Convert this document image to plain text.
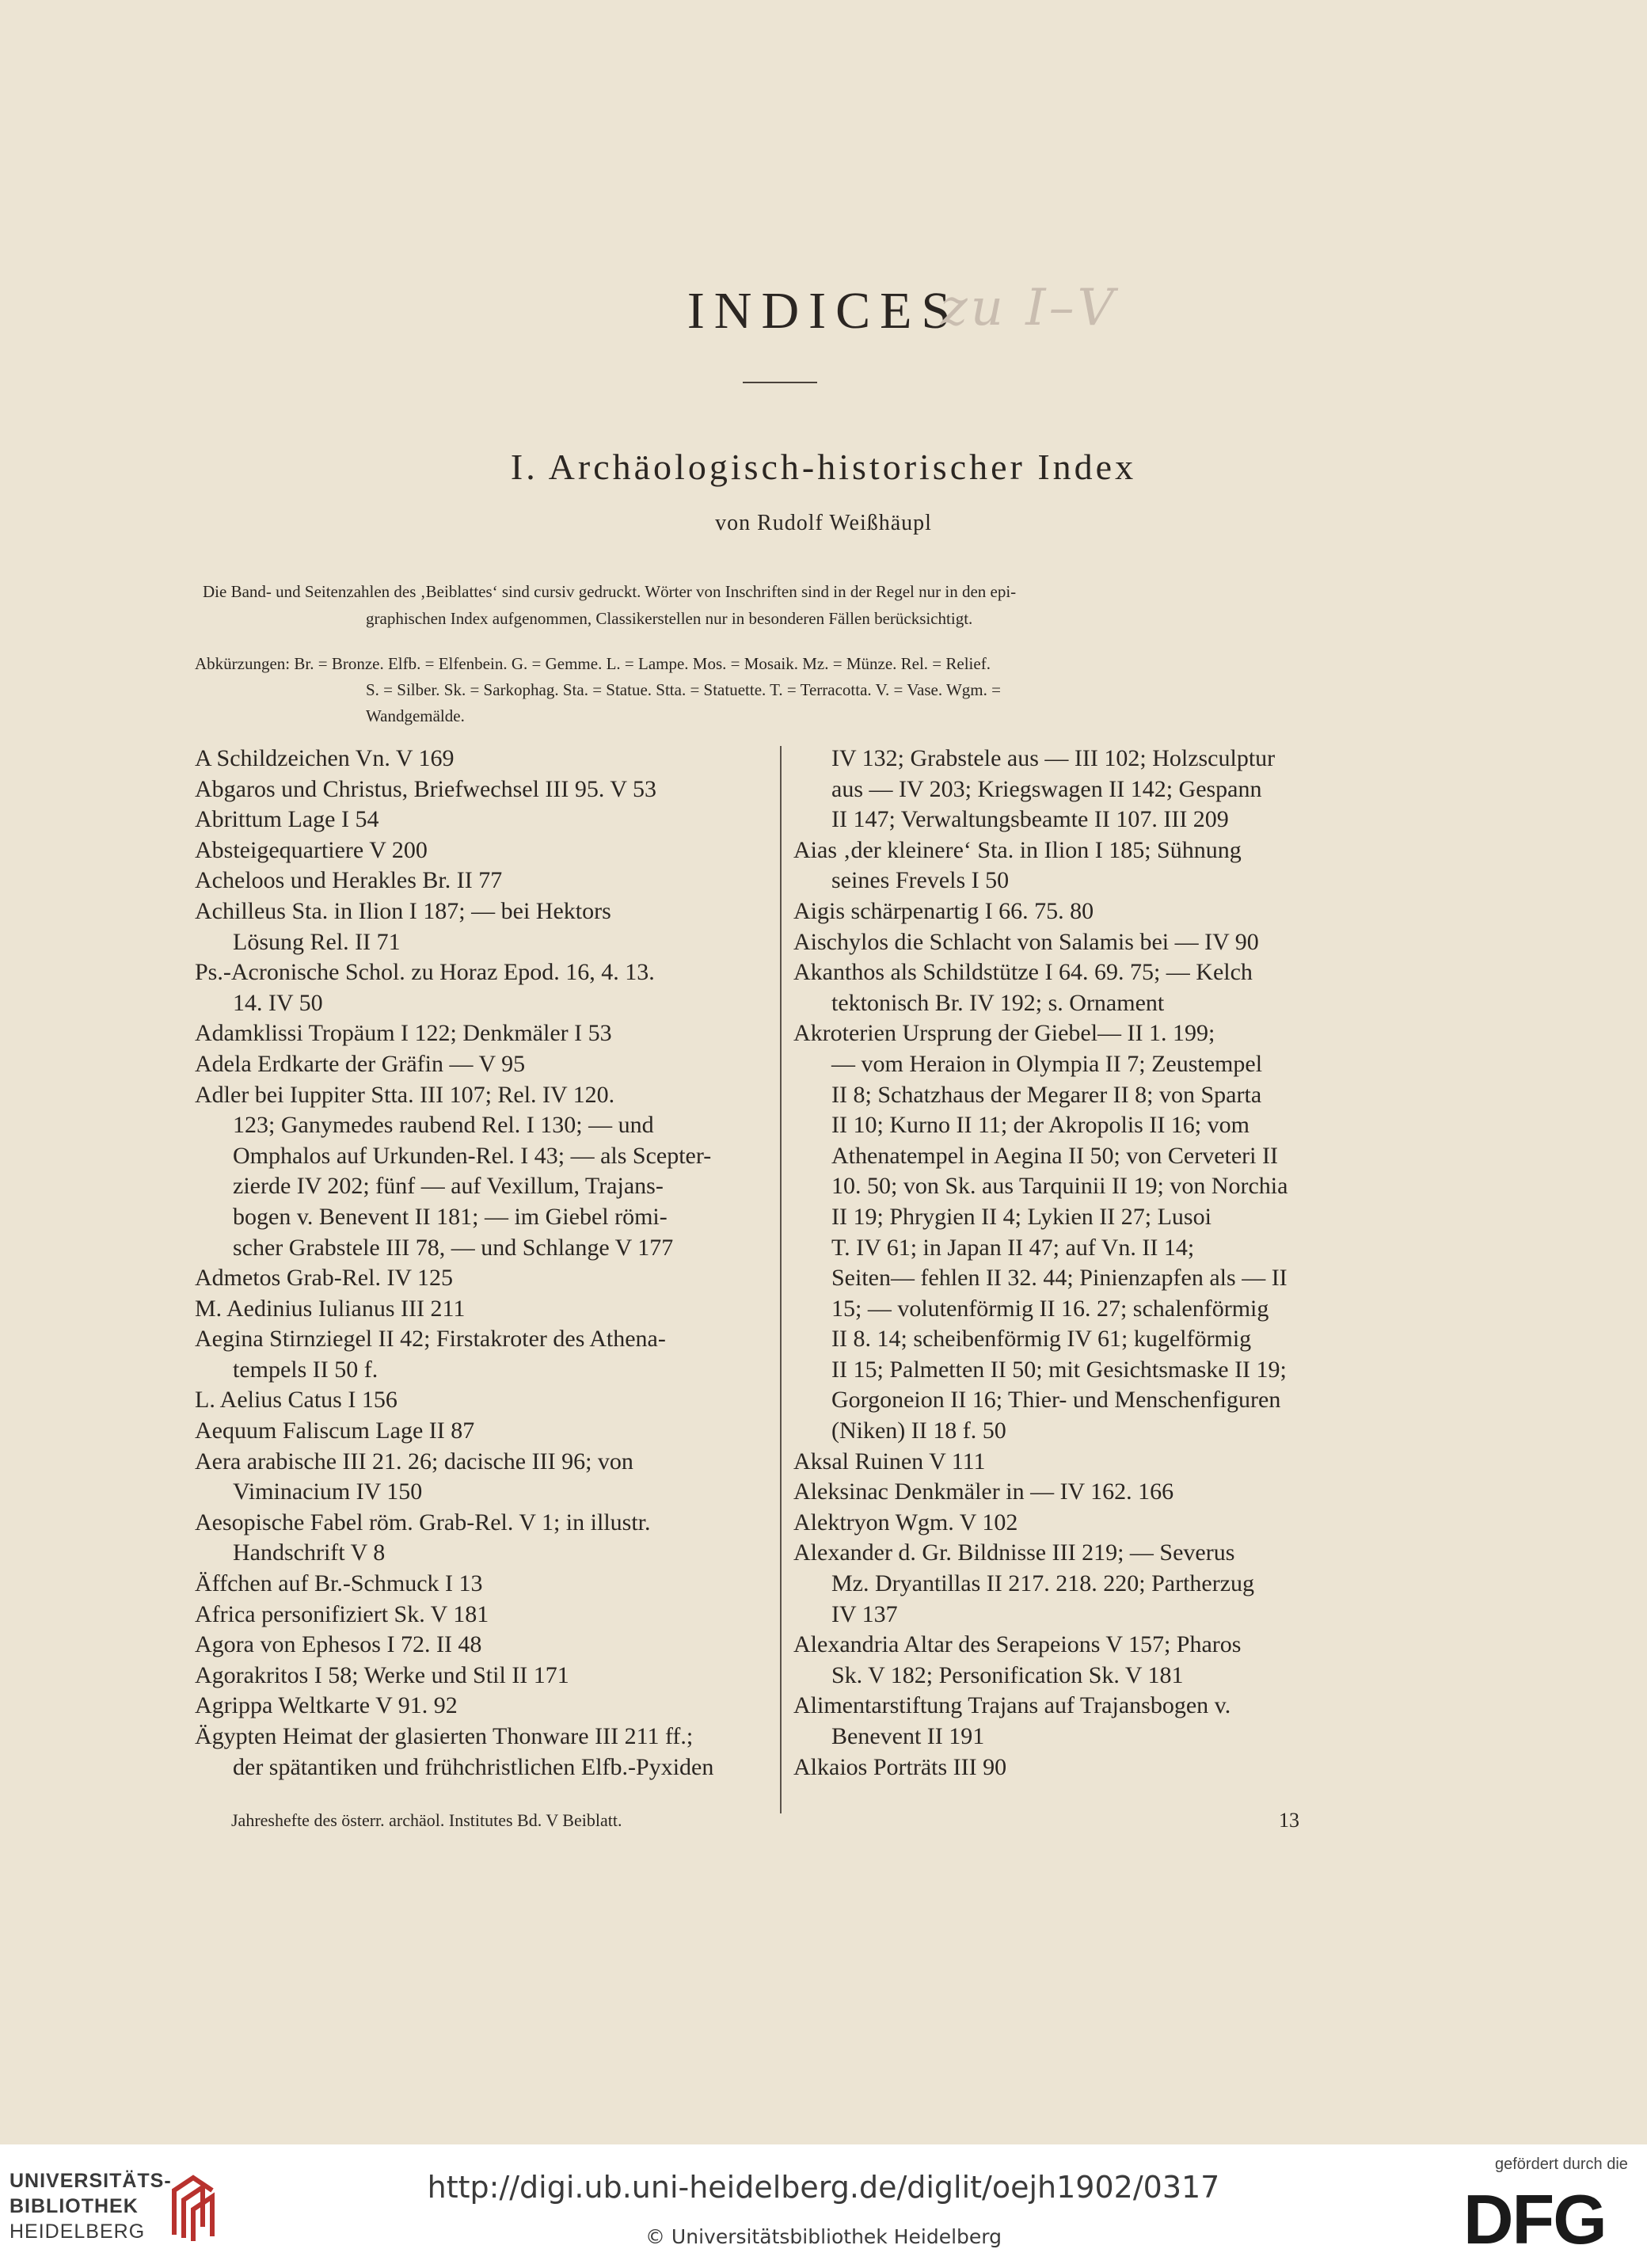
INDICES
zu I–V
I. Archäologisch-historischer Index
von Rudolf Weißhäupl
Die Band- und Seitenzahlen des ‚Beiblattes‘ sind cursiv gedruckt. Wörter von Inschriften sind in der Regel nur in den epi-
graphischen Index aufgenommen, Classikerstellen nur in besonderen Fällen berücksichtigt.
Abkürzungen: Br. = Bronze. Elfb. = Elfenbein. G. = Gemme. L. = Lampe. Mos. = Mosaik. Mz. = Münze. Rel. = Relief.
S. = Silber. Sk. = Sarkophag. Sta. = Statue. Stta. = Statuette. T. = Terracotta. V. = Vase. Wgm. =
Wandgemälde.
A Schildzeichen Vn. V 169
Abgaros und Christus, Briefwechsel III 95. V 53
Abrittum Lage I 54
Absteigequartiere V 200
Acheloos und Herakles Br. II 77
Achilleus Sta. in Ilion I 187; — bei Hektors
Lösung Rel. II 71
Ps.-Acronische Schol. zu Horaz Epod. 16, 4. 13.
14. IV 50
Adamklissi Tropäum I 122; Denkmäler I 53
Adela Erdkarte der Gräfin — V 95
Adler bei Iuppiter Stta. III 107; Rel. IV 120.
123; Ganymedes raubend Rel. I 130; — und
Omphalos auf Urkunden-Rel. I 43; — als Scepter-
zierde IV 202; fünf — auf Vexillum, Trajans-
bogen v. Benevent II 181; — im Giebel römi-
scher Grabstele III 78, — und Schlange V 177
Admetos Grab-Rel. IV 125
M. Aedinius Iulianus III 211
Aegina Stirnziegel II 42; Firstakroter des Athena-
tempels II 50 f.
L. Aelius Catus I 156
Aequum Faliscum Lage II 87
Aera arabische III 21. 26; dacische III 96; von
Viminacium IV 150
Aesopische Fabel röm. Grab-Rel. V 1; in illustr.
Handschrift V 8
Äffchen auf Br.-Schmuck I 13
Africa personifiziert Sk. V 181
Agora von Ephesos I 72. II 48
Agorakritos I 58; Werke und Stil II 171
Agrippa Weltkarte V 91. 92
Ägypten Heimat der glasierten Thonware III 211 ff.;
der spätantiken und frühchristlichen Elfb.-Pyxiden
IV 132; Grabstele aus — III 102; Holzsculptur
aus — IV 203; Kriegswagen II 142; Gespann
II 147; Verwaltungsbeamte II 107. III 209
Aias ‚der kleinere‘ Sta. in Ilion I 185; Sühnung
seines Frevels I 50
Aigis schärpenartig I 66. 75. 80
Aischylos die Schlacht von Salamis bei — IV 90
Akanthos als Schildstütze I 64. 69. 75; — Kelch
tektonisch Br. IV 192; s. Ornament
Akroterien Ursprung der Giebel— II 1. 199;
— vom Heraion in Olympia II 7; Zeustempel
II 8; Schatzhaus der Megarer II 8; von Sparta
II 10; Kurno II 11; der Akropolis II 16; vom
Athenatempel in Aegina II 50; von Cerveteri II
10. 50; von Sk. aus Tarquinii II 19; von Norchia
II 19; Phrygien II 4; Lykien II 27; Lusoi
T. IV 61; in Japan II 47; auf Vn. II 14;
Seiten— fehlen II 32. 44; Pinienzapfen als — II
15; — volutenförmig II 16. 27; schalenförmig
II 8. 14; scheibenförmig IV 61; kugelförmig
II 15; Palmetten II 50; mit Gesichtsmaske II 19;
Gorgoneion II 16; Thier- und Menschenfiguren
(Niken) II 18 f. 50
Aksal Ruinen V 111
Aleksinac Denkmäler in — IV 162. 166
Alektryon Wgm. V 102
Alexander d. Gr. Bildnisse III 219; — Severus
Mz. Dryantillas II 217. 218. 220; Partherzug
IV 137
Alexandria Altar des Serapeions V 157; Pharos
Sk. V 182; Personification Sk. V 181
Alimentarstiftung Trajans auf Trajansbogen v.
Benevent II 191
Alkaios Porträts III 90
Jahreshefte des österr. archäol. Institutes Bd. V Beiblatt.	13
UNIVERSITÄTS-
BIBLIOTHEK
HEIDELBERG
http://digi.ub.uni-heidelberg.de/diglit/oejh1902/0317
© Universitätsbibliothek Heidelberg
gefördert durch die
DFG
